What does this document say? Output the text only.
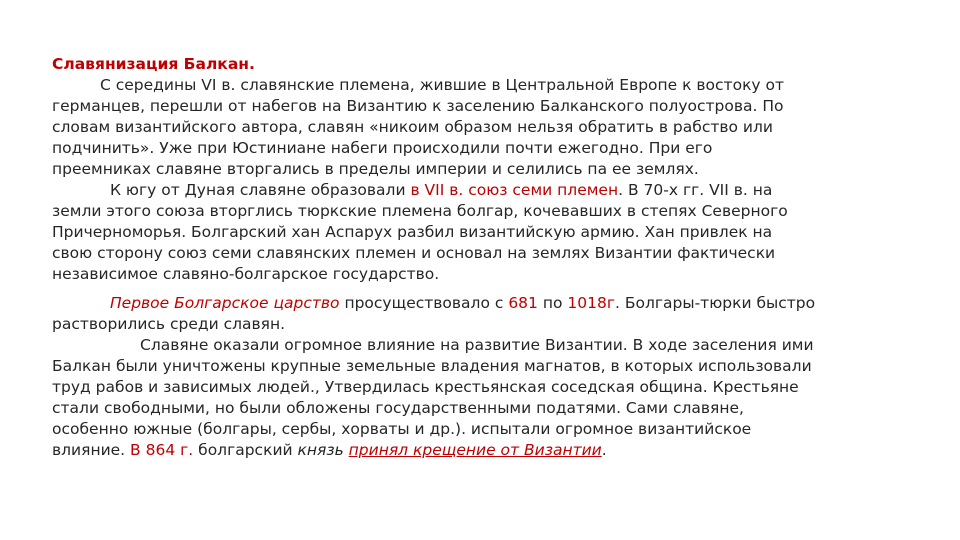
Славянизация Балкан.
С середины VI в. славянские племена, жившие в Центральной Европе к востоку от
германцев, перешли от набегов на Византию к заселению Балканского полуострова. По
словам византийского автора, славян «никоим образом нельзя обратить в рабство или
подчинить». Уже при Юстиниане набеги происходили почти ежегодно. При его
преемниках славяне вторгались в пределы империи и селились па ее землях.
К югу от Дуная славяне образовали в VII в. союз семи племен. В 70-х гг. VII в. на
земли этого союза вторглись тюркские племена болгар, кочевавших в степях Северного
Причерноморья. Болгарский хан Аспарух разбил византийскую армию. Хан привлек на
свою сторону союз семи славянских племен и основал на землях Византии фактически
независимое славяно-болгарское государство.
Первое Болгарское царство просуществовало с 681 по 1018г. Болгары-тюрки быстро
растворились среди славян.
Славяне оказали огромное влияние на развитие Византии. В ходе заселения ими
Балкан были уничтожены крупные земельные владения магнатов, в которых использовали
труд рабов и зависимых людей., Утвердилась крестьянская соседская община. Крестьяне
стали свободными, но были обложены государственными податями. Сами славяне,
особенно южные (болгары, сербы, хорваты и др.). испытали огромное византийское
влияние. В 864 г. болгарский князь принял крещение от Византии.
